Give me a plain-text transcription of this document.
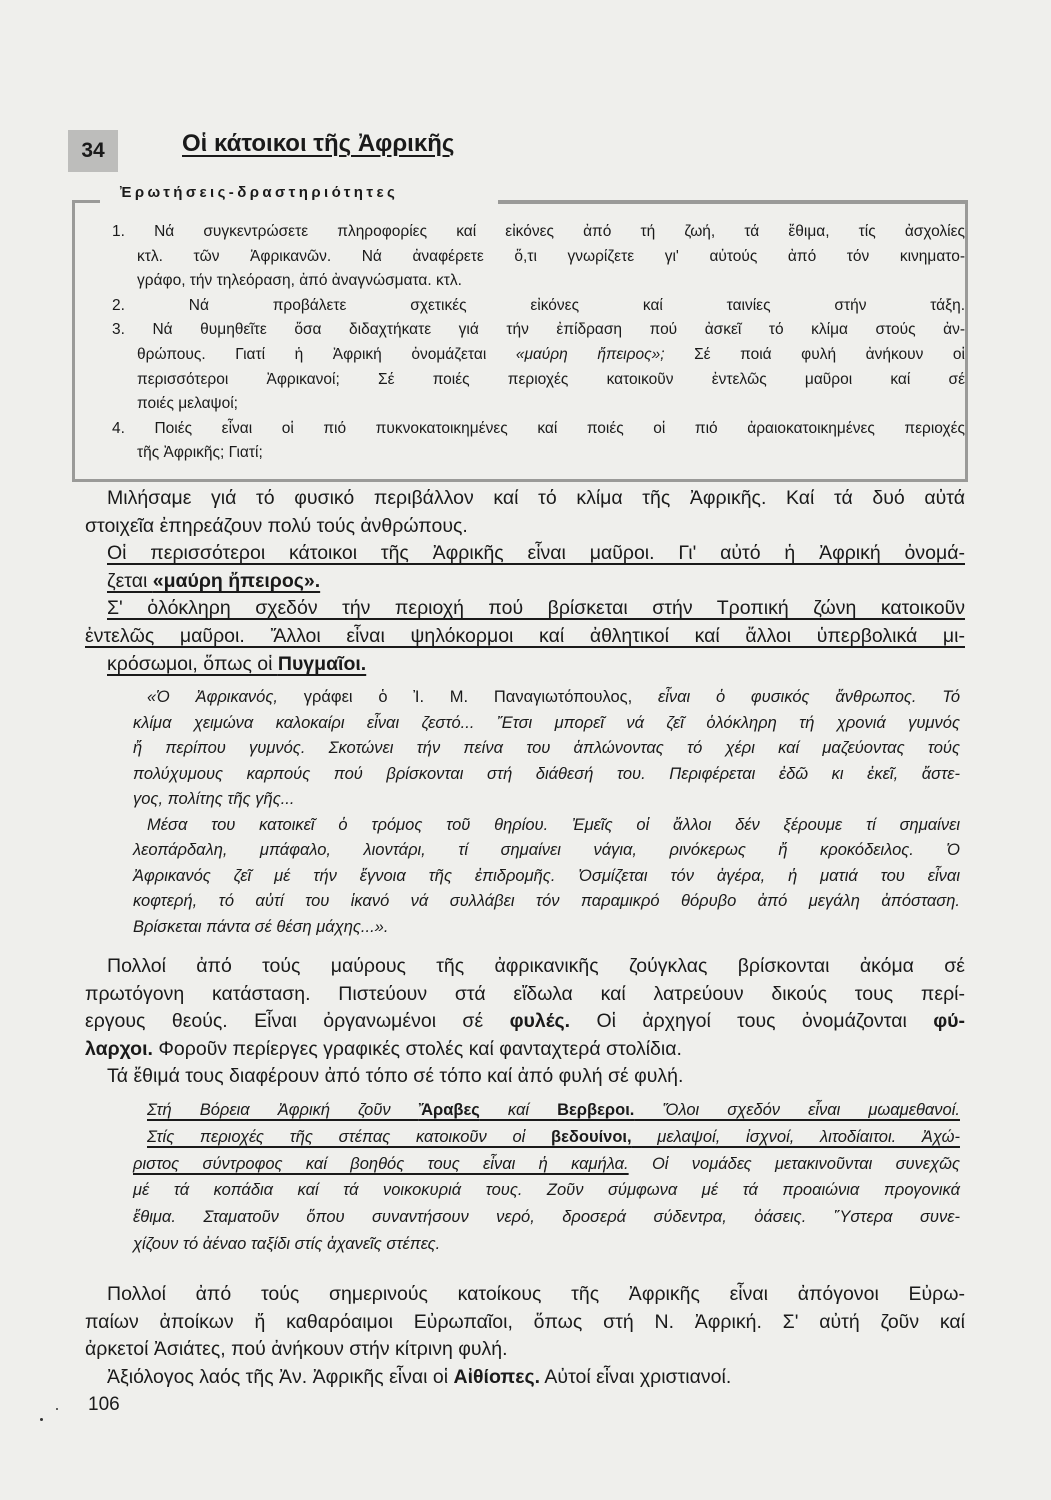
34	Οἱ κάτοικοι τῆς Ἀφρικῆς
Ἐρωτήσεις-δραστηριότητες
1. Νά συγκεντρώσετε πληροφορίες καί εἰκόνες ἀπό τή ζωή, τά ἔθιμα, τίς ἀσχολίες
κτλ. τῶν Ἀφρικανῶν. Νά ἀναφέρετε ὅ,τι γνωρίζετε γι' αὐτούς ἀπό τόν κινηματο-
γράφο, τήν τηλεόραση, ἀπό ἀναγνώσματα. κτλ.
2. Νά προβάλετε σχετικές εἰκόνες καί ταινίες στήν τάξη.
3. Νά θυμηθεῖτε ὅσα διδαχτήκατε γιά τήν ἐπίδραση πού ἀσκεῖ τό κλίμα στούς ἀν-
θρώπους. Γιατί ἡ Ἀφρική ὀνομάζεται «μαύρη ἤπειρος»; Σέ ποιά φυλή ἀνήκουν οἱ
περισσότεροι Ἀφρικανοί; Σέ ποιές περιοχές κατοικοῦν ἐντελῶς μαῦροι καί σέ
ποιές μελαψοί;
4. Ποιές εἶναι οἱ πιό πυκνοκατοικημένες καί ποιές οἱ πιό ἀραιοκατοικημένες περιοχές
τῆς Ἀφρικῆς; Γιατί;
Μιλήσαμε γιά τό φυσικό περιβάλλον καί τό κλίμα τῆς Ἀφρικῆς. Καί τά δυό αὐτά
στοιχεῖα ἐπηρεάζουν πολύ τούς ἀνθρώπους.
Οἱ περισσότεροι κάτοικοι τῆς Ἀφρικῆς εἶναι μαῦροι. Γι' αὐτό ἡ Ἀφρική ὀνομά-
ζεται «μαύρη ἤπειρος».
Σ' ὁλόκληρη σχεδόν τήν περιοχή πού βρίσκεται στήν Τροπική ζώνη κατοικοῦν
ἐντελῶς μαῦροι. Ἄλλοι εἶναι ψηλόκορμοι καί ἀθλητικοί καί ἄλλοι ὑπερβολικά μι-
κρόσωμοι, ὅπως οἱ Πυγμαῖοι.
«Ὁ Ἀφρικανός, γράφει ὁ Ἰ. Μ. Παναγιωτόπουλος, εἶναι ὁ φυσικός ἄνθρωπος. Τό
κλίμα χειμώνα καλοκαίρι εἶναι ζεστό... Ἔτσι μπορεῖ νά ζεῖ ὁλόκληρη τή χρονιά γυμνός
ἤ περίπου γυμνός. Σκοτώνει τήν πείνα του ἁπλώνοντας τό χέρι καί μαζεύοντας τούς
πολύχυμους καρπούς πού βρίσκονται στή διάθεσή του. Περιφέρεται ἐδῶ κι ἐκεῖ, ἄστε-
γος, πολίτης τῆς γῆς...
Μέσα του κατοικεῖ ὁ τρόμος τοῦ θηρίου. Ἐμεῖς οἱ ἄλλοι δέν ξέρουμε τί σημαίνει
λεοπάρδαλη, μπάφαλο, λιοντάρι, τί σημαίνει νάγια, ρινόκερως ἤ κροκόδειλος. Ὁ
Ἀφρικανός ζεῖ μέ τήν ἔγνοια τῆς ἐπιδρομῆς. Ὀσμίζεται τόν ἀγέρα, ἡ ματιά του εἶναι
κοφτερή, τό αὐτί του ἱκανό νά συλλάβει τόν παραμικρό θόρυβο ἀπό μεγάλη ἀπόσταση.
Βρίσκεται πάντα σέ θέση μάχης...».
Πολλοί ἀπό τούς μαύρους τῆς ἀφρικανικῆς ζούγκλας βρίσκονται ἀκόμα σέ
πρωτόγονη κατάσταση. Πιστεύουν στά εἴδωλα καί λατρεύουν δικούς τους περί-
εργους θεούς. Εἶναι ὀργανωμένοι σέ φυλές. Οἱ ἀρχηγοί τους ὀνομάζονται φύ-
λαρχοι. Φοροῦν περίεργες γραφικές στολές καί φανταχτερά στολίδια.
Τά ἔθιμά τους διαφέρουν ἀπό τόπο σέ τόπο καί ἀπό φυλή σέ φυλή.
Στή Βόρεια Ἀφρική ζοῦν Ἄραβες καί Βερβεροι. Ὅλοι σχεδόν εἶναι μωαμεθανοί.
Στίς περιοχές τῆς στέπας κατοικοῦν οἱ βεδουίνοι, μελαψοί, ἰσχνοί, λιτοδίαιτοι. Ἀχώ-
ριστος σύντροφος καί βοηθός τους εἶναι ἡ καμήλα. Οἱ νομάδες μετακινοῦνται συνεχῶς
μέ τά κοπάδια καί τά νοικοκυριά τους. Ζοῦν σύμφωνα μέ τά προαιώνια προγονικά
ἔθιμα. Σταματοῦν ὅπου συναντήσουν νερό, δροσερά σύδεντρα, ὀάσεις. Ὕστερα συνε-
χίζουν τό ἀέναο ταξίδι στίς ἀχανεῖς στέπες.
Πολλοί ἀπό τούς σημερινούς κατοίκους τῆς Ἀφρικῆς εἶναι ἀπόγονοι Εὐρω-
παίων ἀποίκων ἤ καθαρόαιμοι Εὐρωπαῖοι, ὅπως στή Ν. Ἀφρική. Σ' αὐτή ζοῦν καί
ἀρκετοί Ἀσιάτες, πού ἀνήκουν στήν κίτρινη φυλή.
Ἀξιόλογος λαός τῆς Ἀν. Ἀφρικῆς εἶναι οἱ Αἰθίοπες. Αὐτοί εἶναι χριστιανοί.
106
